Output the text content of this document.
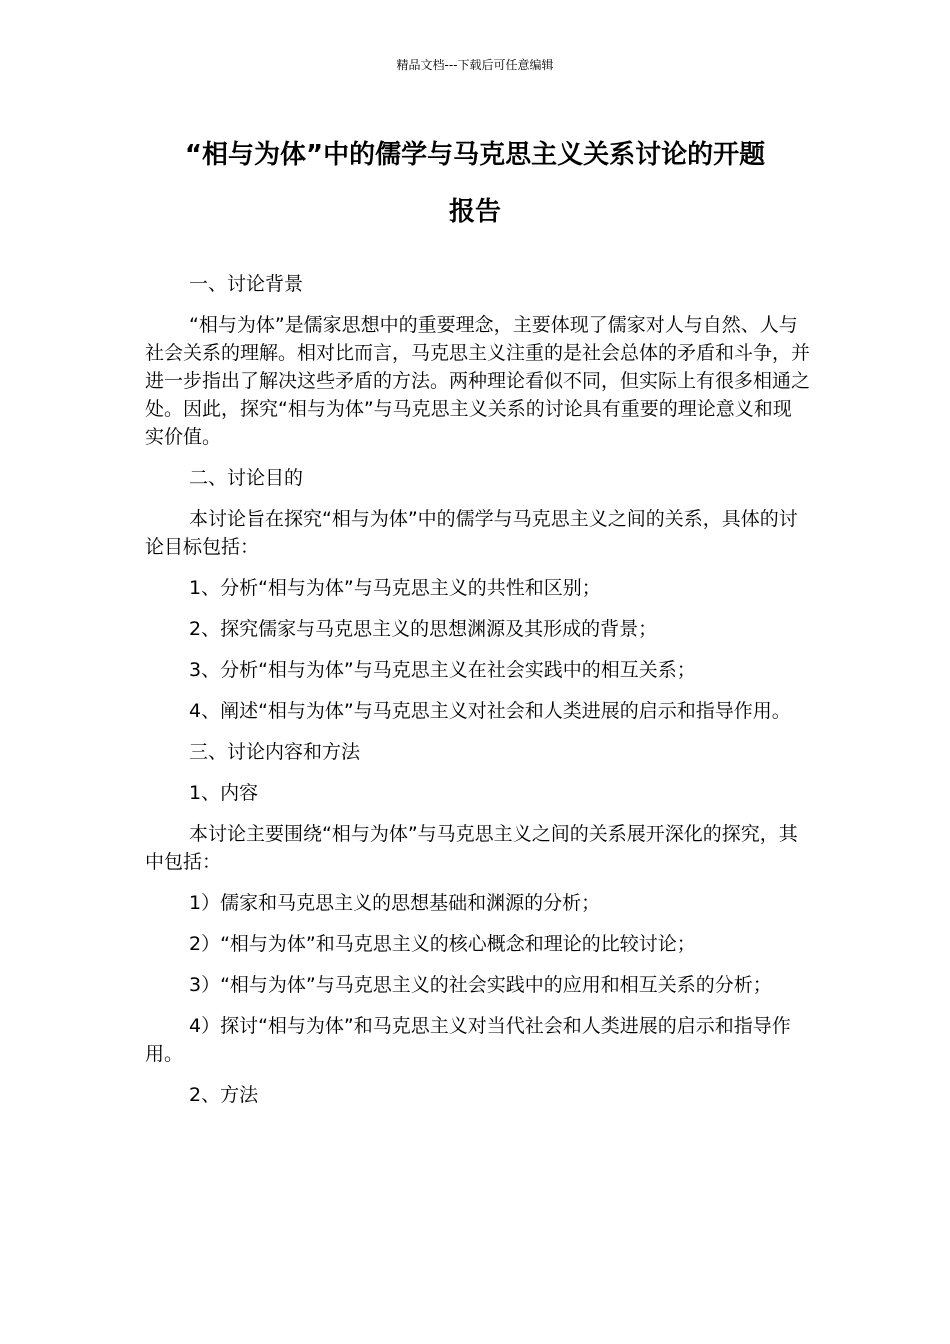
精品文档---下载后可任意编辑
“相与为体”中的儒学与马克思主义关系讨论的开题
报告

一、讨论背景

“相与为体”是儒家思想中的重要理念，主要体现了儒家对人与自然、人与社会关系的理解。相对比而言，马克思主义注重的是社会总体的矛盾和斗争，并进一步指出了解决这些矛盾的方法。两种理论看似不同，但实际上有很多相通之处。因此，探究“相与为体”与马克思主义关系的讨论具有重要的理论意义和现实价值。

二、讨论目的

本讨论旨在探究“相与为体”中的儒学与马克思主义之间的关系，具体的讨论目标包括：

1、分析“相与为体”与马克思主义的共性和区别；

2、探究儒家与马克思主义的思想渊源及其形成的背景；

3、分析“相与为体”与马克思主义在社会实践中的相互关系；

4、阐述“相与为体”与马克思主义对社会和人类进展的启示和指导作用。

三、讨论内容和方法

1、内容

本讨论主要围绕“相与为体”与马克思主义之间的关系展开深化的探究，其中包括：

1）儒家和马克思主义的思想基础和渊源的分析；

2）“相与为体”和马克思主义的核心概念和理论的比较讨论；

3）“相与为体”与马克思主义的社会实践中的应用和相互关系的分析；

4）探讨“相与为体”和马克思主义对当代社会和人类进展的启示和指导作用。

2、方法
